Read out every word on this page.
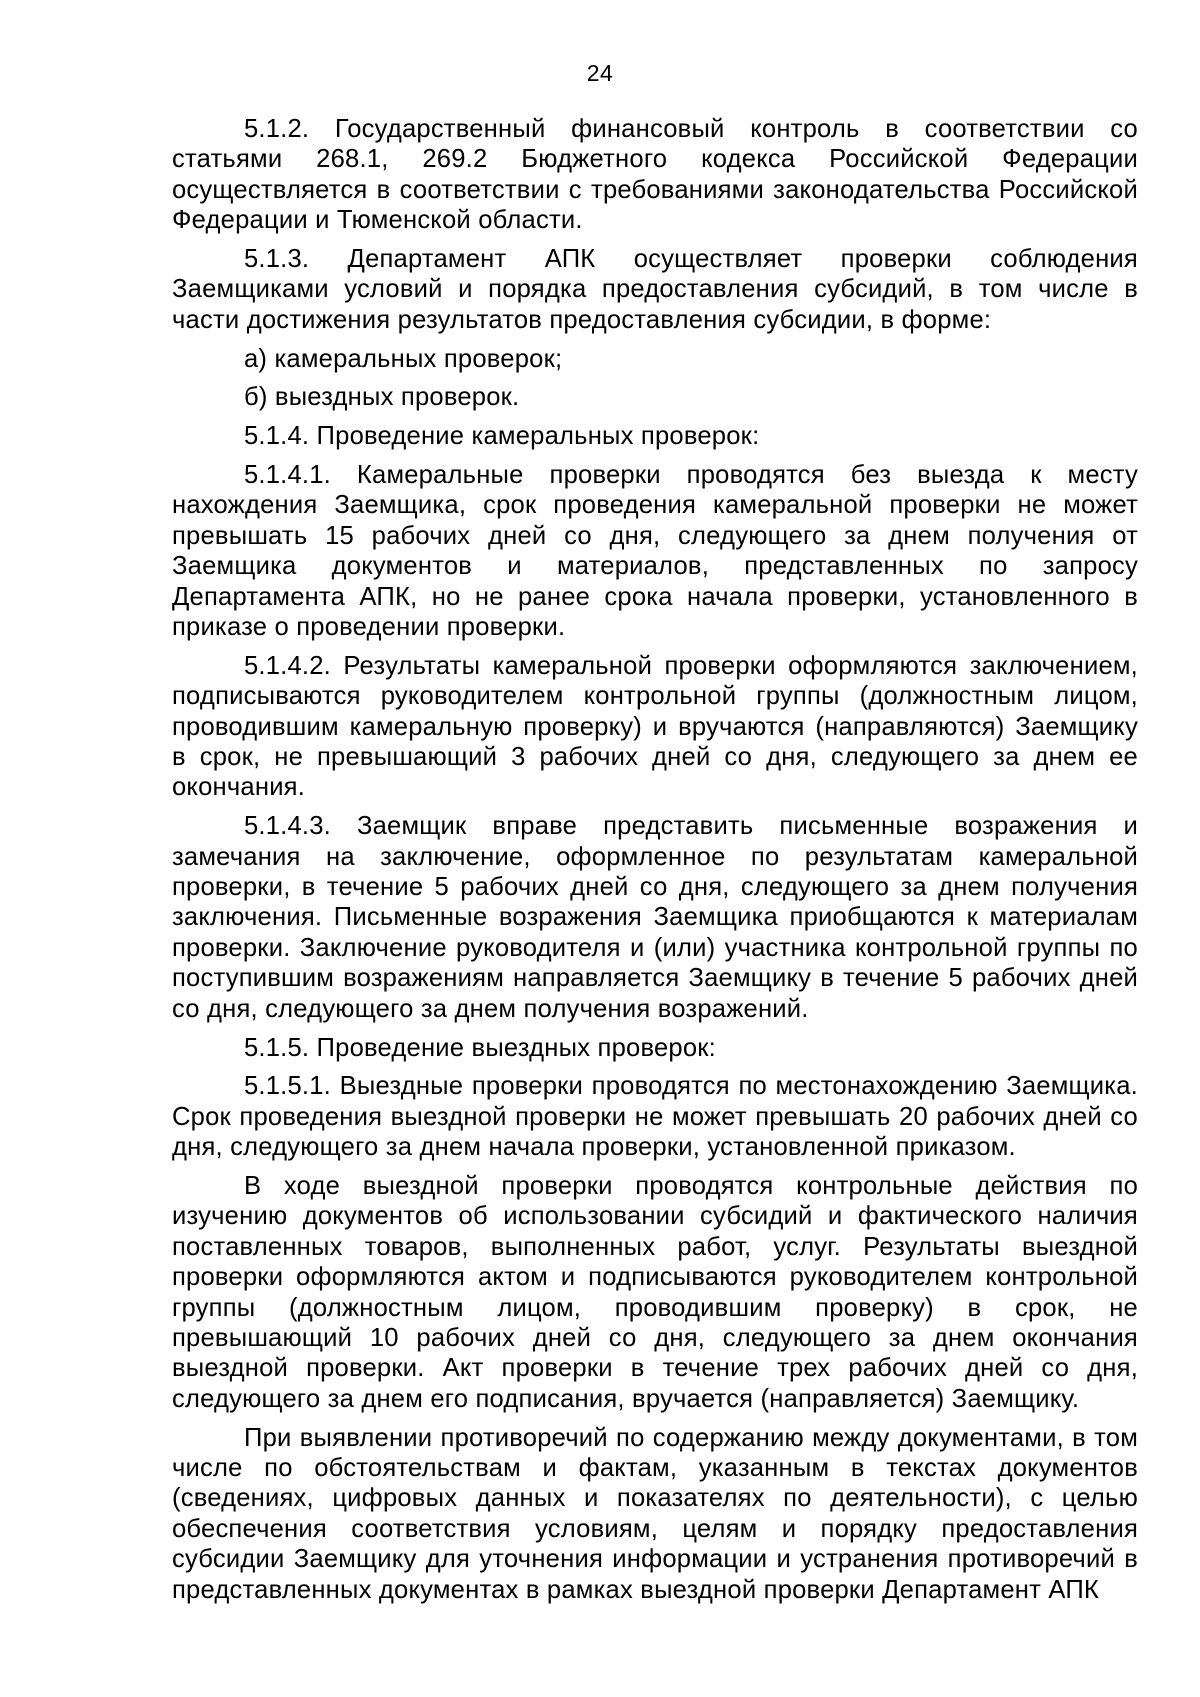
24

5.1.2. Государственный финансовый контроль в соответствии со статьями 268.1, 269.2 Бюджетного кодекса Российской Федерации осуществляется в соответствии с требованиями законодательства Российской Федерации и Тюменской области.

5.1.3. Департамент АПК осуществляет проверки соблюдения Заемщиками условий и порядка предоставления субсидий, в том числе в части достижения результатов предоставления субсидии, в форме:

а) камеральных проверок;

б) выездных проверок.

5.1.4. Проведение камеральных проверок:

5.1.4.1. Камеральные проверки проводятся без выезда к месту нахождения Заемщика, срок проведения камеральной проверки не может превышать 15 рабочих дней со дня, следующего за днем получения от Заемщика документов и материалов, представленных по запросу Департамента АПК, но не ранее срока начала проверки, установленного в приказе о проведении проверки.

5.1.4.2. Результаты камеральной проверки оформляются заключением, подписываются руководителем контрольной группы (должностным лицом, проводившим камеральную проверку) и вручаются (направляются) Заемщику в срок, не превышающий 3 рабочих дней со дня, следующего за днем ее окончания.

5.1.4.3. Заемщик вправе представить письменные возражения и замечания на заключение, оформленное по результатам камеральной проверки, в течение 5 рабочих дней со дня, следующего за днем получения заключения. Письменные возражения Заемщика приобщаются к материалам проверки. Заключение руководителя и (или) участника контрольной группы по поступившим возражениям направляется Заемщику в течение 5 рабочих дней со дня, следующего за днем получения возражений.

5.1.5. Проведение выездных проверок:

5.1.5.1. Выездные проверки проводятся по местонахождению Заемщика. Срок проведения выездной проверки не может превышать 20 рабочих дней со дня, следующего за днем начала проверки, установленной приказом.

В ходе выездной проверки проводятся контрольные действия по изучению документов об использовании субсидий и фактического наличия поставленных товаров, выполненных работ, услуг. Результаты выездной проверки оформляются актом и подписываются руководителем контрольной группы (должностным лицом, проводившим проверку) в срок, не превышающий 10 рабочих дней со дня, следующего за днем окончания выездной проверки. Акт проверки в течение трех рабочих дней со дня, следующего за днем его подписания, вручается (направляется) Заемщику.

При выявлении противоречий по содержанию между документами, в том числе по обстоятельствам и фактам, указанным в текстах документов (сведениях, цифровых данных и показателях по деятельности), с целью обеспечения соответствия условиям, целям и порядку предоставления субсидии Заемщику для уточнения информации и устранения противоречий в представленных документах в рамках выездной проверки Департамент АПК
